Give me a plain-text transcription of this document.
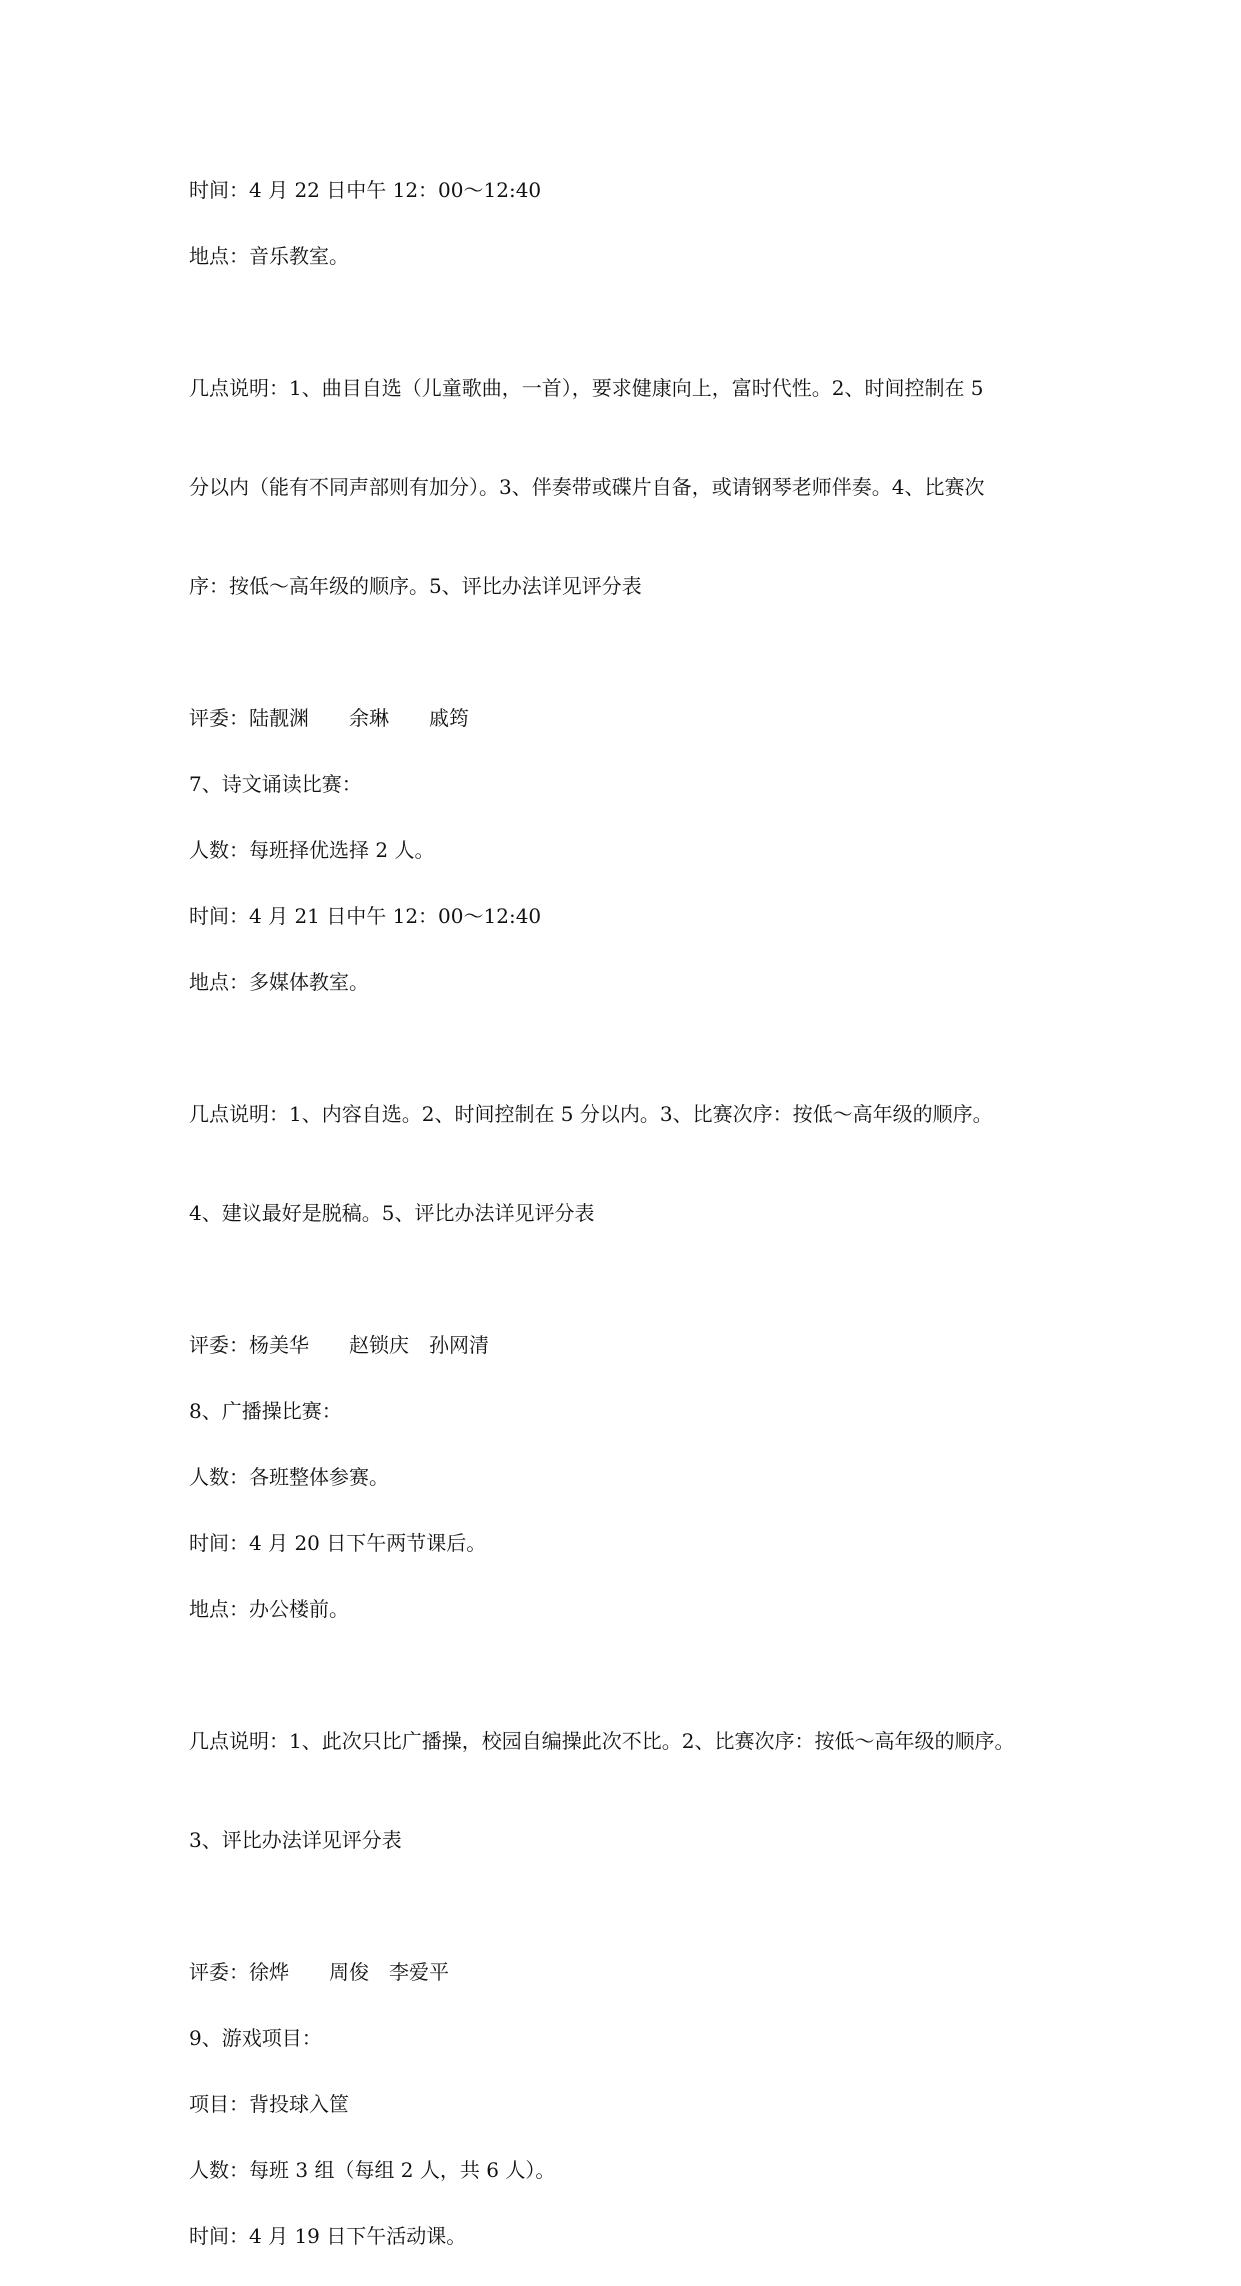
时间：4 月 22 日中午 12：00～12:40

地点：音乐教室。

几点说明：1、曲目自选（儿童歌曲，一首），要求健康向上，富时代性。2、时间控制在 5

分以内（能有不同声部则有加分）。3、伴奏带或碟片自备，或请钢琴老师伴奏。4、比赛次

序：按低～高年级的顺序。5、评比办法详见评分表

评委：陆靓渊　　余琳　　戚筠

7、诗文诵读比赛：

人数：每班择优选择 2 人。

时间：4 月 21 日中午 12：00～12:40

地点：多媒体教室。

几点说明：1、内容自选。2、时间控制在 5 分以内。3、比赛次序：按低～高年级的顺序。

4、建议最好是脱稿。5、评比办法详见评分表

评委：杨美华　　赵锁庆　孙网清

8、广播操比赛：

人数：各班整体参赛。

时间：4 月 20 日下午两节课后。

地点：办公楼前。

几点说明：1、此次只比广播操，校园自编操此次不比。2、比赛次序：按低～高年级的顺序。

3、评比办法详见评分表

评委：徐烨　　周俊　李爱平

9、游戏项目：

项目：背投球入筐

人数：每班 3 组（每组 2 人，共 6 人）。

时间：4 月 19 日下午活动课。
